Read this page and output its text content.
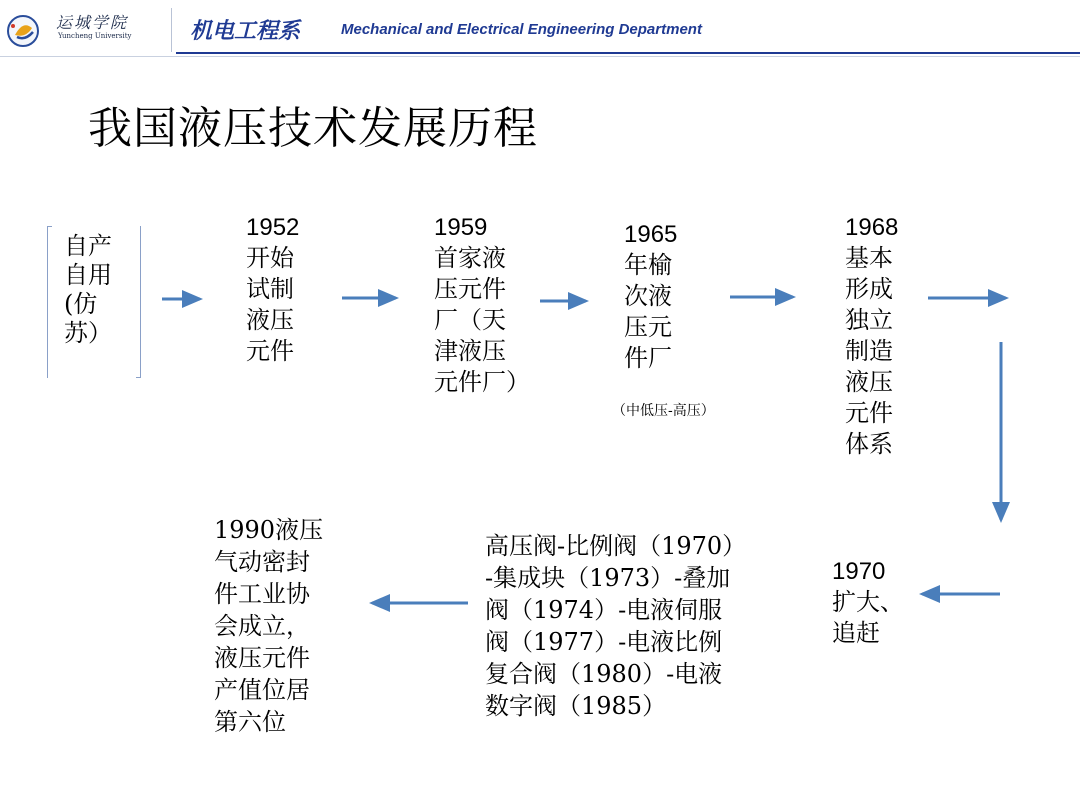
运城学院
Yuncheng University	机电工程系	Mechanical and Electrical Engineering Department
我国液压技术发展历程
自产
自用
(仿
苏）
1952
开始
试制
液压
元件
1959
首家液
压元件
厂（天
津液压
元件厂）
1965
年榆
次液
压元
件厂
（中低压-高压）
1968
基本
形成
独立
制造
液压
元件
体系
1970
扩大、
追赶
高压阀-比例阀（1970）
-集成块（1973）-叠加
阀（1974）-电液伺服
阀（1977）-电液比例
复合阀（1980）-电液
数字阀（1985）
1990液压
气动密封
件工业协
会成立，
液压元件
产值位居
第六位
